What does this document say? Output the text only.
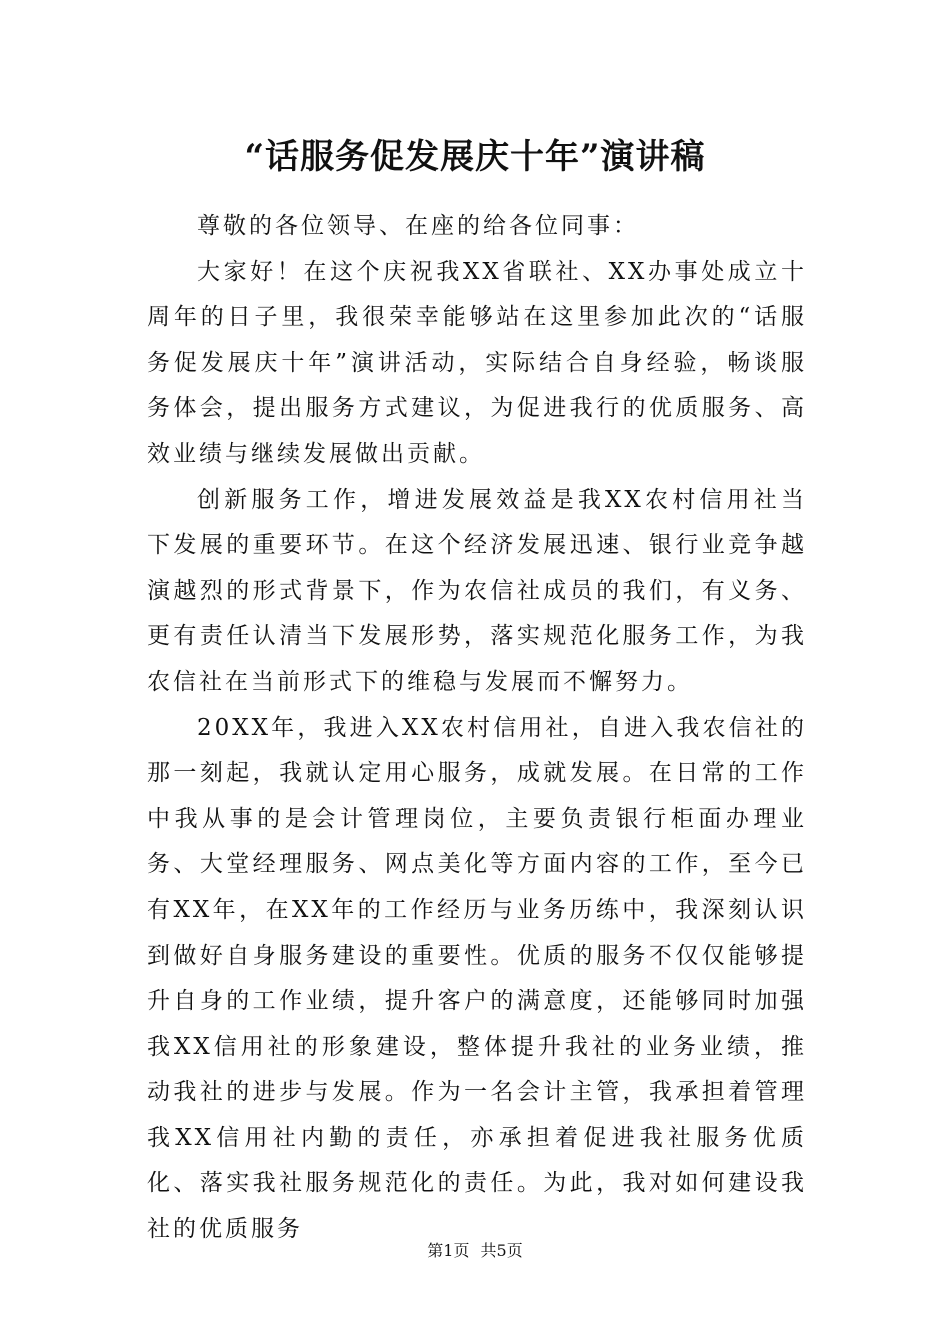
“话服务促发展庆十年”演讲稿

尊敬的各位领导、在座的给各位同事：

大家好！在这个庆祝我XX省联社、XX办事处成立十周年的日子里，我很荣幸能够站在这里参加此次的“话服务促发展庆十年”演讲活动，实际结合自身经验，畅谈服务体会，提出服务方式建议，为促进我行的优质服务、高效业绩与继续发展做出贡献。

创新服务工作，增进发展效益是我XX农村信用社当下发展的重要环节。在这个经济发展迅速、银行业竞争越演越烈的形式背景下，作为农信社成员的我们，有义务、更有责任认清当下发展形势，落实规范化服务工作，为我农信社在当前形式下的维稳与发展而不懈努力。

20XX年，我进入XX农村信用社，自进入我农信社的那一刻起，我就认定用心服务，成就发展。在日常的工作中我从事的是会计管理岗位，主要负责银行柜面办理业务、大堂经理服务、网点美化等方面内容的工作，至今已有XX年，在XX年的工作经历与业务历练中，我深刻认识到做好自身服务建设的重要性。优质的服务不仅仅能够提升自身的工作业绩，提升客户的满意度，还能够同时加强我XX信用社的形象建设，整体提升我社的业务业绩，推动我社的进步与发展。作为一名会计主管，我承担着管理我XX信用社内勤的责任，亦承担着促进我社服务优质化、落实我社服务规范化的责任。为此，我对如何建设我社的优质服务

第1页 共5页
